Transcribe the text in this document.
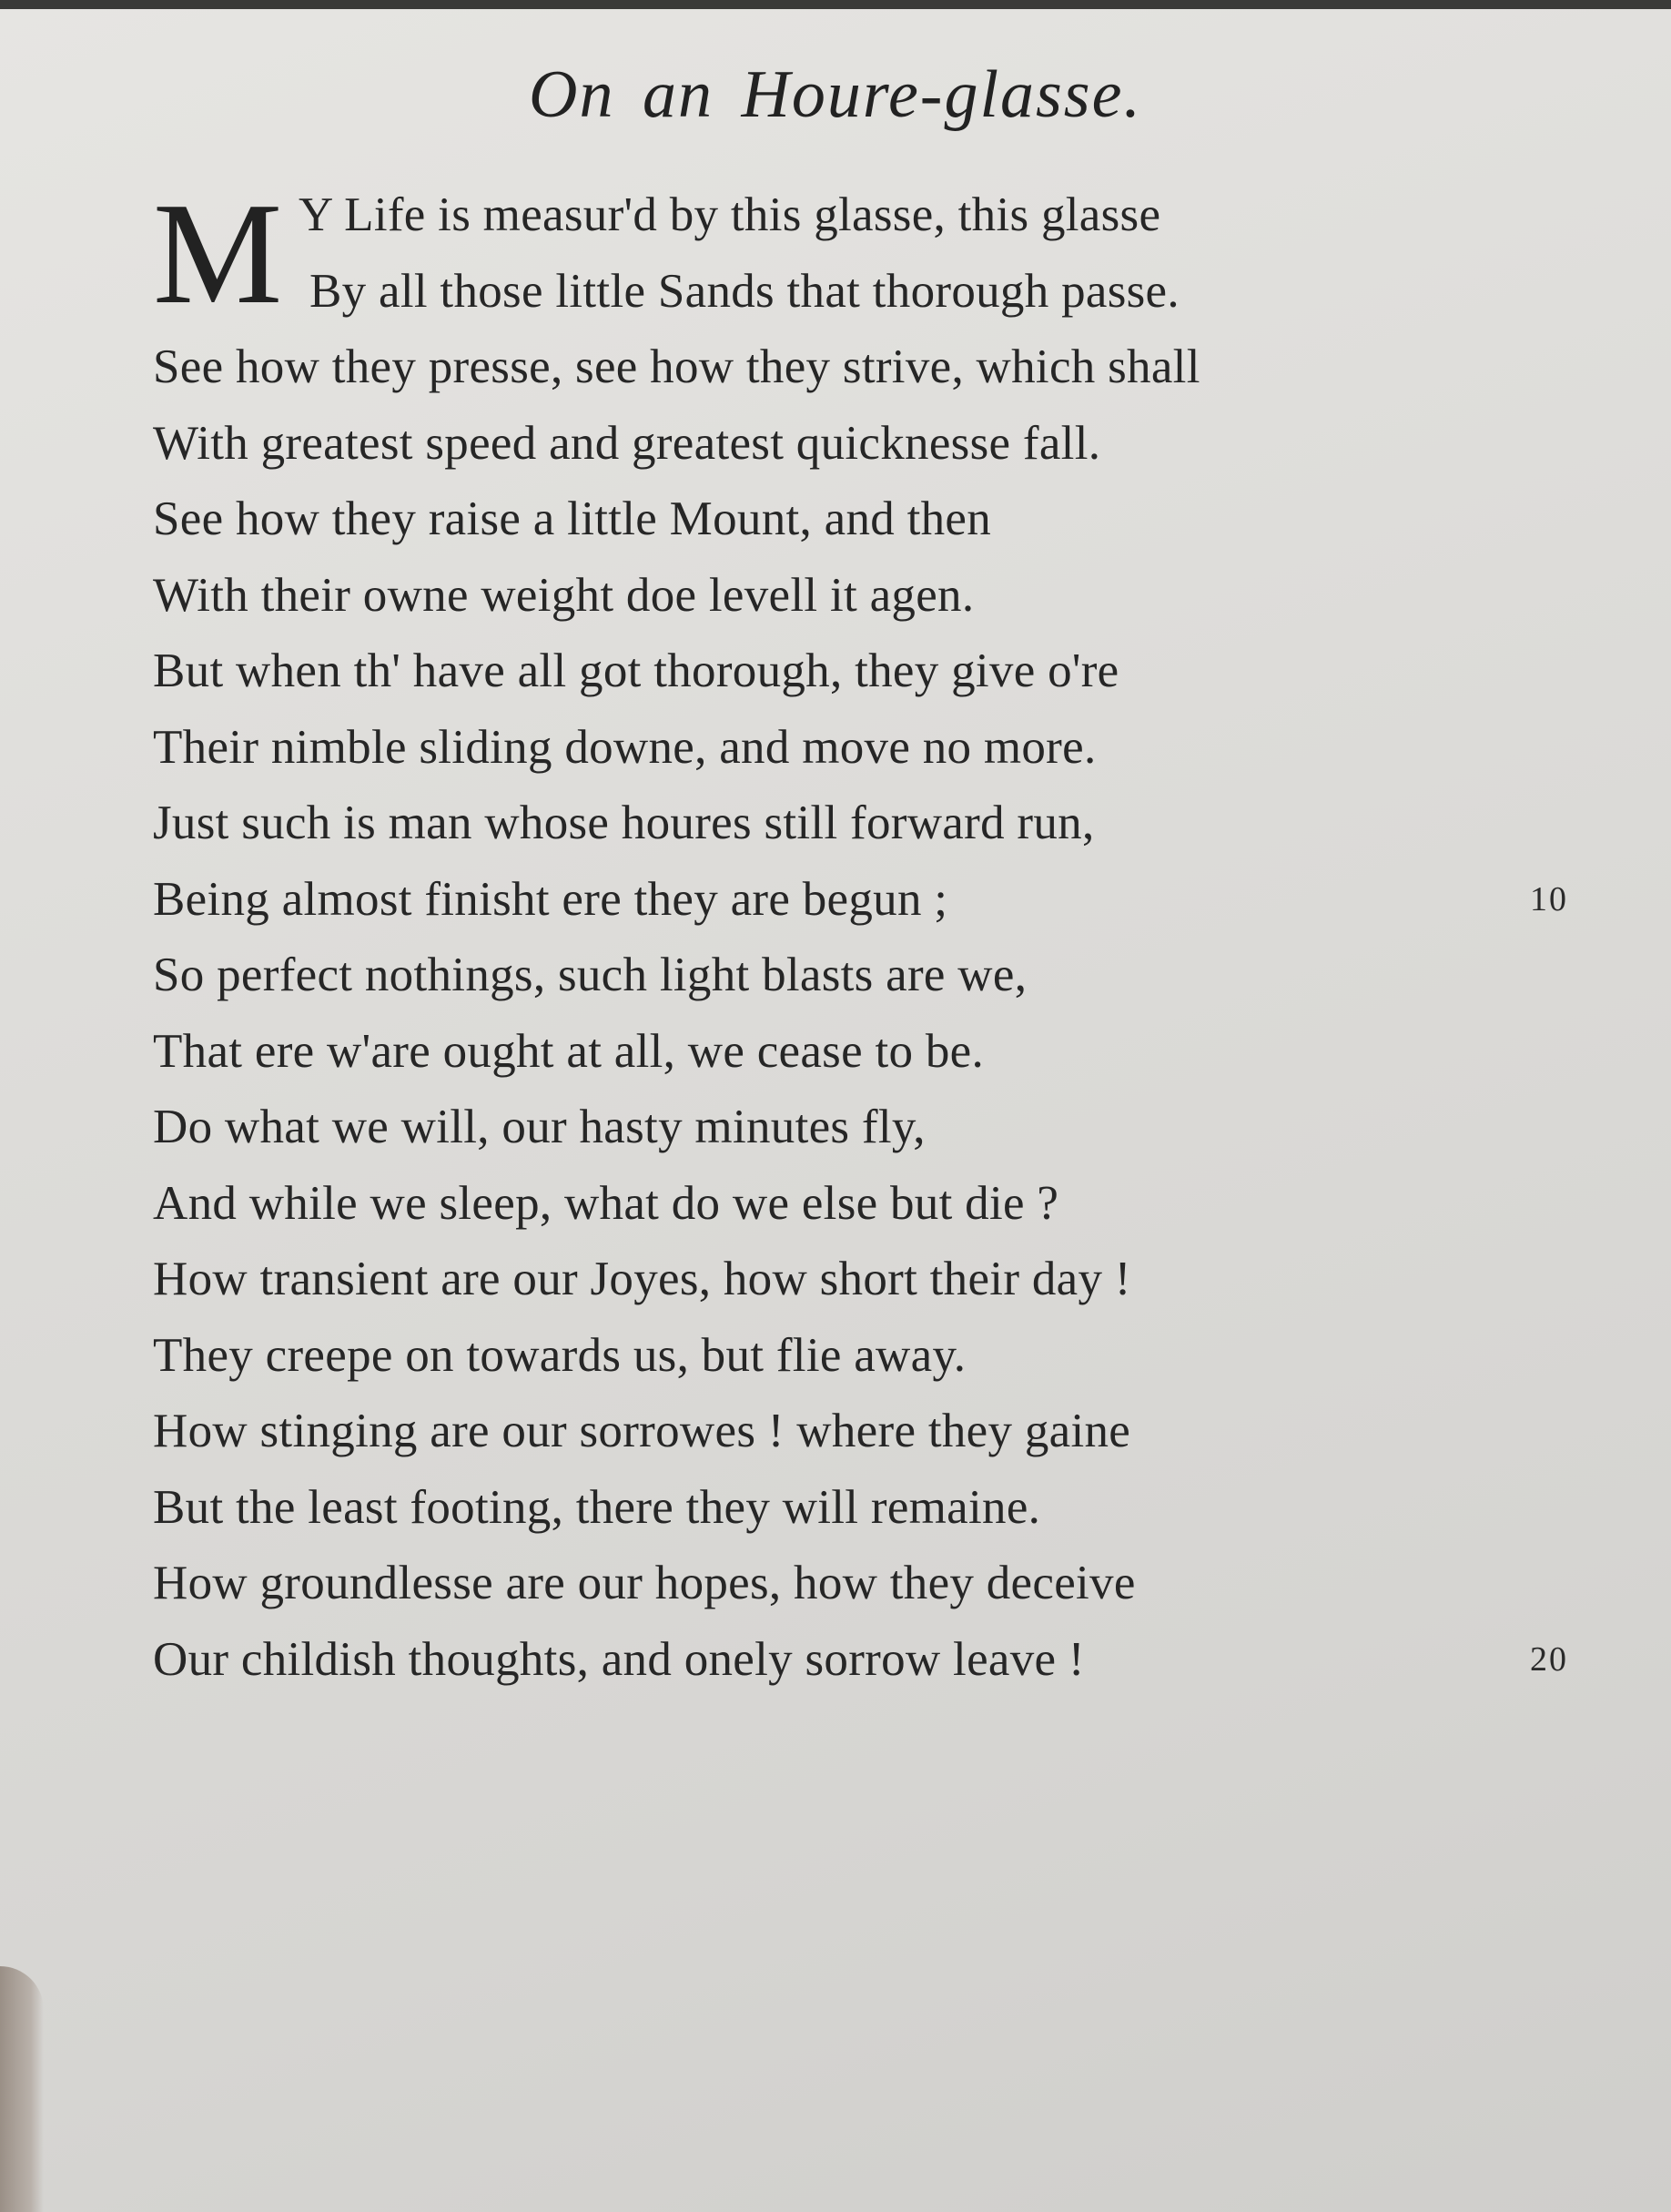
On an Houre-glasse.
M Y Life is measur'd by this glasse, this glasse
By all those little Sands that thorough passe.
See how they presse, see how they strive, which shall
With greatest speed and greatest quicknesse fall.
See how they raise a little Mount, and then
With their owne weight doe levell it agen.
But when th' have all got thorough, they give o're
Their nimble sliding downe, and move no more.
Just such is man whose houres still forward run,
Being almost finisht ere they are begun ;	10
So perfect nothings, such light blasts are we,
That ere w'are ought at all, we cease to be.
Do what we will, our hasty minutes fly,
And while we sleep, what do we else but die ?
How transient are our Joyes, how short their day !
They creepe on towards us, but flie away.
How stinging are our sorrowes ! where they gaine
But the least footing, there they will remaine.
How groundlesse are our hopes, how they deceive
Our childish thoughts, and onely sorrow leave !	20
